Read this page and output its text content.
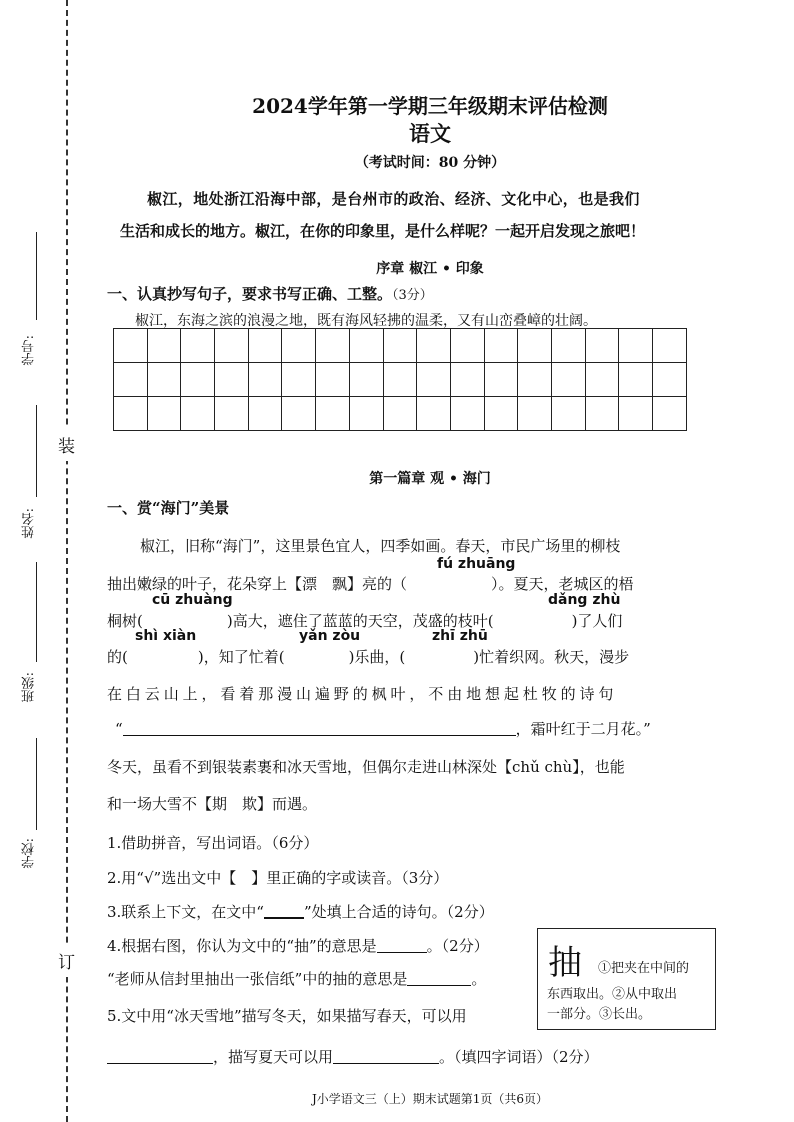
学号:
姓名:
班级:
学校:
装
订
2024学年第一学期三年级期末评估检测
语文
（考试时间：80 分钟）
椒江，地处浙江沿海中部，是台州市的政治、经济、文化中心，也是我们
生活和成长的地方。椒江，在你的印象里，是什么样呢？一起开启发现之旅吧！
序章 椒江 • 印象
一、认真抄写句子，要求书写正确、工整。（3分）
椒江，东海之滨的浪漫之地，既有海风轻拂的温柔，又有山峦叠嶂的壮阔。

第一篇章 观 • 海门
一、赏“海门”美景
椒江，旧称“海门”，这里景色宜人，四季如画。春天，市民广场里的柳枝
fú zhuāng
抽出嫩绿的叶子，花朵穿上【漂　飘】亮的（	）。夏天，老城区的梧
cū zhuàng	dǎng zhù
桐树(	)高大，遮住了蓝蓝的天空，茂盛的枝叶(	)了人们
shì xiàn	yǎn zòu	zhī zhū
的(	)，知了忙着(	)乐曲，(	)忙着织网。秋天，漫步
在白云山上，看着那漫山遍野的枫叶，不由地想起杜牧的诗句
“	，霜叶红于二月花。”
冬天，虽看不到银装素裹和冰天雪地，但偶尔走进山林深处【chǔ chù】，也能
和一场大雪不【期　欺】而遇。
1.借助拼音，写出词语。（6分）
2.用“√”选出文中【　】里正确的字或读音。（3分）
3.联系上下文，在文中“	”处填上合适的诗句。（2分）
4.根据右图，你认为文中的“抽”的意思是	。（2分）
“老师从信封里抽出一张信纸”中的抽的意思是	。
5.文中用“冰天雪地”描写冬天，如果描写春天，可以用
，描写夏天可以用	。（填四字词语）（2分）
抽 ①把夹在中间的
东西取出。②从中取出
一部分。③长出。
J小学语文三（上）期末试题第1页（共6页）
